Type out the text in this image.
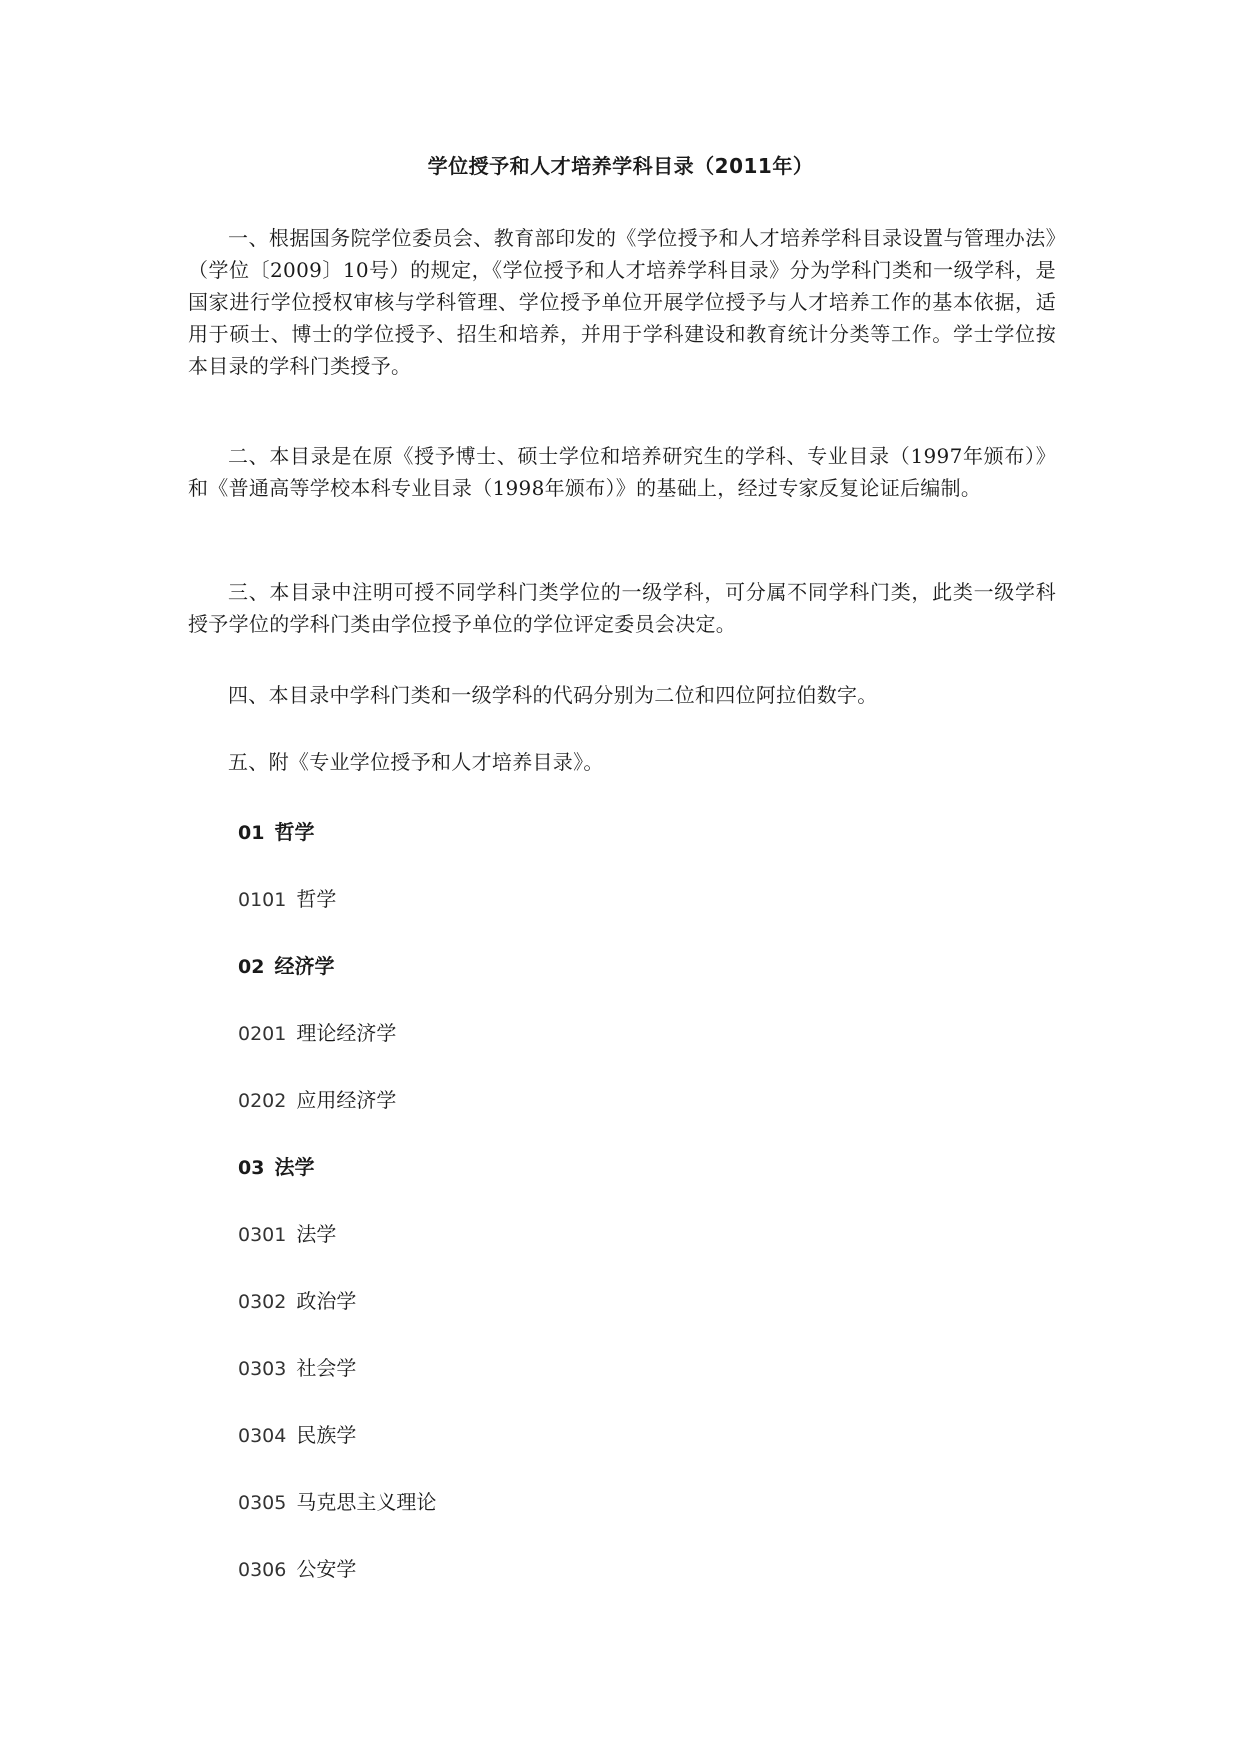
学位授予和人才培养学科目录（2011年）
一、根据国务院学位委员会、教育部印发的《学位授予和人才培养学科目录设置与管理办法》（学位〔2009〕10号）的规定，《学位授予和人才培养学科目录》分为学科门类和一级学科，是国家进行学位授权审核与学科管理、学位授予单位开展学位授予与人才培养工作的基本依据，适用于硕士、博士的学位授予、招生和培养，并用于学科建设和教育统计分类等工作。学士学位按本目录的学科门类授予。
二、本目录是在原《授予博士、硕士学位和培养研究生的学科、专业目录（1997年颁布）》和《普通高等学校本科专业目录（1998年颁布）》的基础上，经过专家反复论证后编制。
三、本目录中注明可授不同学科门类学位的一级学科，可分属不同学科门类，此类一级学科授予学位的学科门类由学位授予单位的学位评定委员会决定。
四、本目录中学科门类和一级学科的代码分别为二位和四位阿拉伯数字。
五、附《专业学位授予和人才培养目录》。
01 哲学
0101 哲学
02 经济学
0201 理论经济学
0202 应用经济学
03 法学
0301 法学
0302 政治学
0303 社会学
0304 民族学
0305 马克思主义理论
0306 公安学
